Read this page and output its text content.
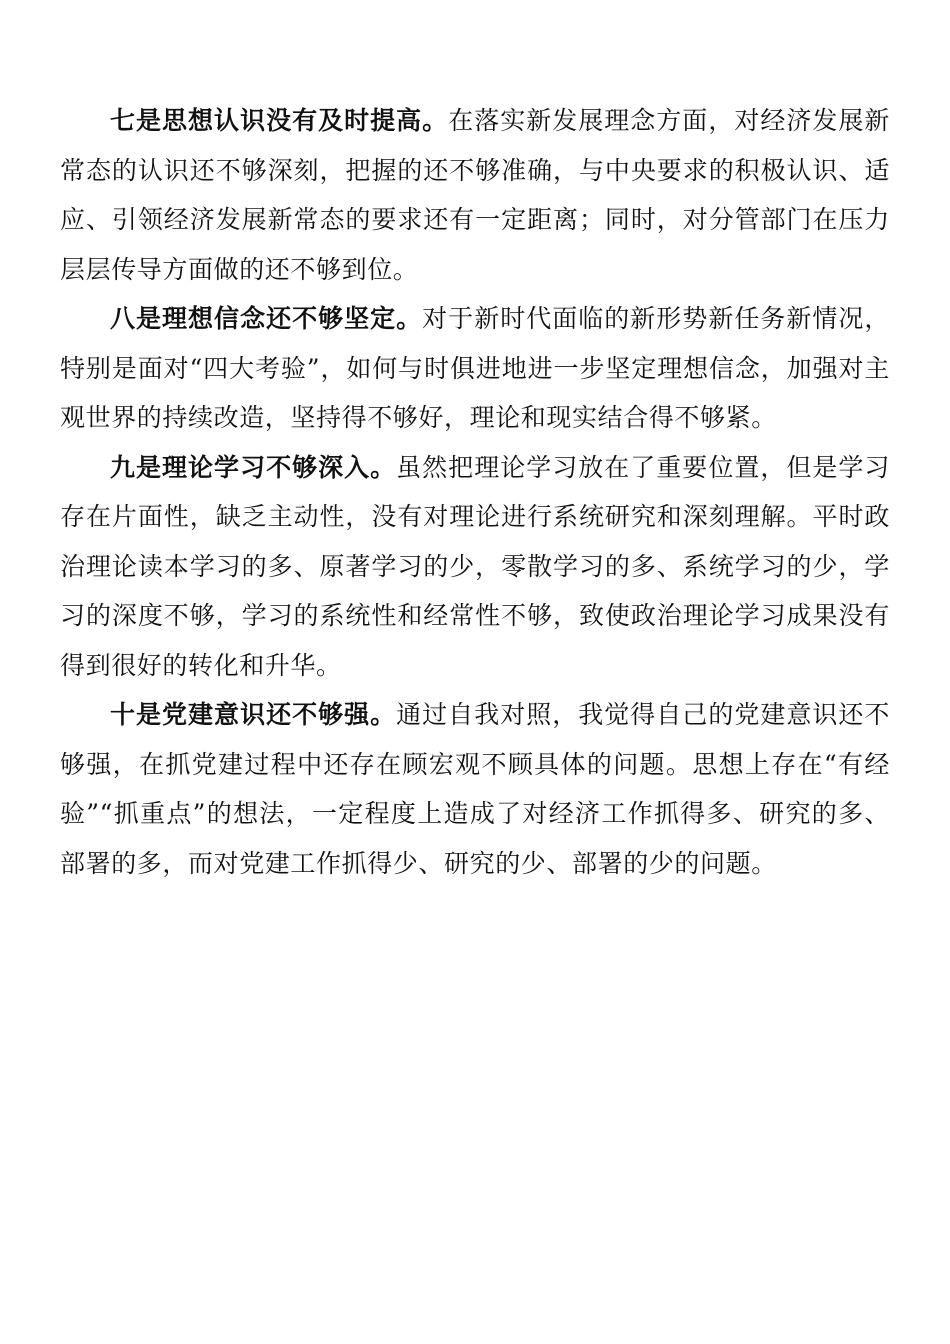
七是思想认识没有及时提高。在落实新发展理念方面，对经济发展新常态的认识还不够深刻，把握的还不够准确，与中央要求的积极认识、适应、引领经济发展新常态的要求还有一定距离；同时，对分管部门在压力层层传导方面做的还不够到位。

八是理想信念还不够坚定。对于新时代面临的新形势新任务新情况，特别是面对“四大考验”，如何与时俱进地进一步坚定理想信念，加强对主观世界的持续改造，坚持得不够好，理论和现实结合得不够紧。

九是理论学习不够深入。虽然把理论学习放在了重要位置，但是学习存在片面性，缺乏主动性，没有对理论进行系统研究和深刻理解。平时政治理论读本学习的多、原著学习的少，零散学习的多、系统学习的少，学习的深度不够，学习的系统性和经常性不够，致使政治理论学习成果没有得到很好的转化和升华。

十是党建意识还不够强。通过自我对照，我觉得自己的党建意识还不够强，在抓党建过程中还存在顾宏观不顾具体的问题。思想上存在“有经验”“抓重点”的想法，一定程度上造成了对经济工作抓得多、研究的多、部署的多，而对党建工作抓得少、研究的少、部署的少的问题。
